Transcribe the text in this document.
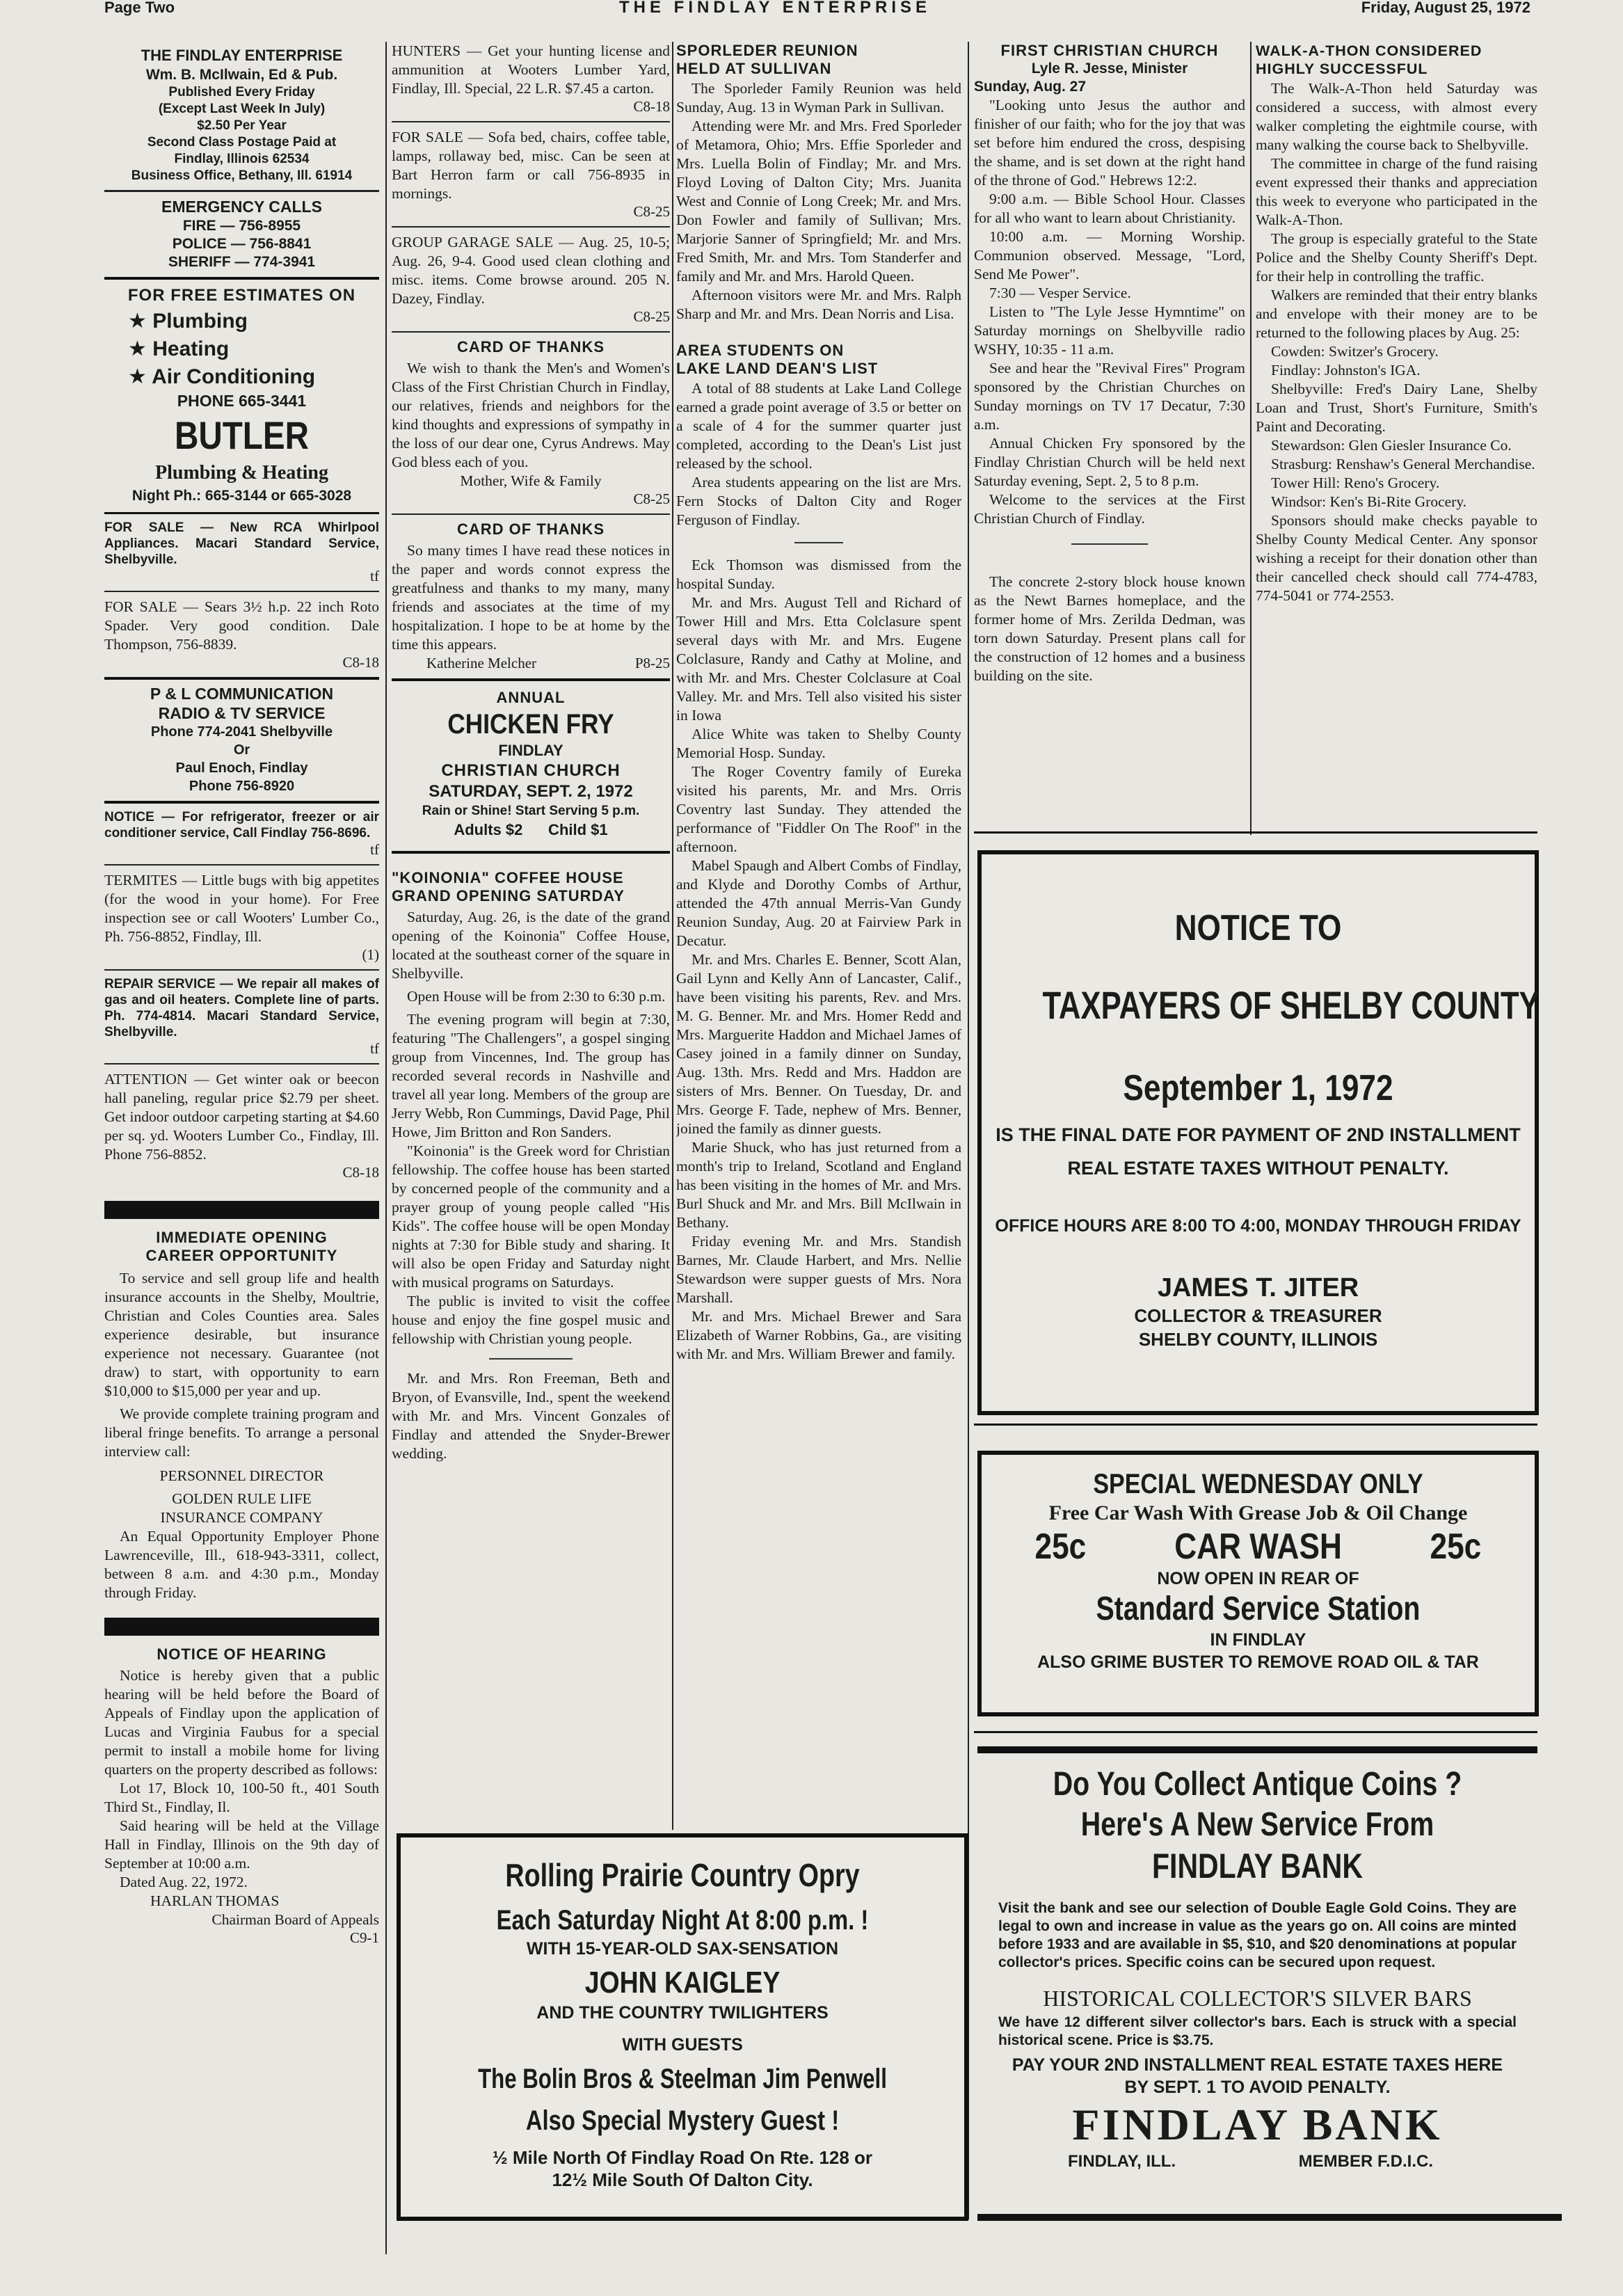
Page Two	THE FINDLAY ENTERPRISE	Friday, August 25, 1972
THE FINDLAY ENTERPRISE
Wm. B. McIlwain, Ed & Pub.
Published Every Friday
(Except Last Week In July)
$2.50 Per Year
Second Class Postage Paid at
Findlay, Illinois 62534
Business Office, Bethany, Ill. 61914
EMERGENCY CALLS
FIRE — 756-8955
POLICE — 756-8841
SHERIFF — 774-3941
FOR FREE ESTIMATES ON
★ Plumbing
★ Heating
★ Air Conditioning
PHONE 665-3441
BUTLER
Plumbing & Heating
Night Ph.: 665-3144 or 665-3028

FOR SALE — New RCA Whirlpool Appliances. Macari Standard Service, Shelbyville.

tf

FOR SALE — Sears 3½ h.p. 22 inch Roto Spader. Very good condition. Dale Thompson, 756-8839.

C8-18
P & L COMMUNICATION
RADIO & TV SERVICE
Phone 774-2041 Shelbyville
Or
Paul Enoch, Findlay
Phone 756-8920

NOTICE — For refrigerator, freezer or air conditioner service, Call Findlay 756-8696.

tf

TERMITES — Little bugs with big appetites (for the wood in your home). For Free inspection see or call Wooters' Lumber Co., Ph. 756-8852, Findlay, Ill.

(1)

REPAIR SERVICE — We repair all makes of gas and oil heaters. Complete line of parts. Ph. 774-4814. Macari Standard Service, Shelbyville.

tf

ATTENTION — Get winter oak or beecon hall paneling, regular price $2.79 per sheet. Get indoor outdoor carpeting starting at $4.60 per sq. yd. Wooters Lumber Co., Findlay, Ill. Phone 756-8852.

C8-18
IMMEDIATE OPENING
CAREER OPPORTUNITY

To service and sell group life and health insurance accounts in the Shelby, Moultrie, Christian and Coles Counties area. Sales experience desirable, but insurance experience not necessary. Guarantee (not draw) to start, with opportunity to earn $10,000 to $15,000 per year and up.

We provide complete training program and liberal fringe benefits. To arrange a personal interview call:

PERSONNEL DIRECTOR

GOLDEN RULE LIFE

INSURANCE COMPANY

An Equal Opportunity Employer Phone Lawrenceville, Ill., 618-943-3311, collect, between 8 a.m. and 4:30 p.m., Monday through Friday.

NOTICE OF HEARING

Notice is hereby given that a public hearing will be held before the Board of Appeals of Findlay upon the application of Lucas and Virginia Faubus for a special permit to install a mobile home for living quarters on the property described as follows:

Lot 17, Block 10, 100-50 ft., 401 South Third St., Findlay, Il.

Said hearing will be held at the Village Hall in Findlay, Illinois on the 9th day of September at 10:00 a.m.

Dated Aug. 22, 1972.

HARLAN THOMAS

Chairman Board of Appeals

C9-1

HUNTERS — Get your hunting license and ammunition at Wooters Lumber Yard, Findlay, Ill. Special, 22 L.R. $7.45 a carton.

C8-18

FOR SALE — Sofa bed, chairs, coffee table, lamps, rollaway bed, misc. Can be seen at Bart Herron farm or call 756-8935 in mornings.

C8-25

GROUP GARAGE SALE — Aug. 25, 10-5; Aug. 26, 9-4. Good used clean clothing and misc. items. Come browse around. 205 N. Dazey, Findlay.

C8-25
CARD OF THANKS

We wish to thank the Men's and Women's Class of the First Christian Church in Findlay, our relatives, friends and neighbors for the kind thoughts and expressions of sympathy in the loss of our dear one, Cyrus Andrews. May God bless each of you.

Mother, Wife & Family

C8-25
CARD OF THANKS

So many times I have read these notices in the paper and words connot express the greatfulness and thanks to my many, many friends and associates at the time of my hospitalization. I hope to be at home by the time this appears.

Katherine Melcher	P8-25
ANNUAL
CHICKEN FRY
FINDLAY
CHRISTIAN CHURCH
SATURDAY, SEPT. 2, 1972
Rain or Shine! Start Serving 5 p.m.
Adults $2      Child $1
"KOINONIA" COFFEE HOUSE
GRAND OPENING SATURDAY

Saturday, Aug. 26, is the date of the grand opening of the Koinonia" Coffee House, located at the southeast corner of the square in Shelbyville.

Open House will be from 2:30 to 6:30 p.m.

The evening program will begin at 7:30, featuring "The Challengers", a gospel singing group from Vincennes, Ind. The group has recorded several records in Nashville and travel all year long. Members of the group are Jerry Webb, Ron Cummings, David Page, Phil Howe, Jim Britton and Ron Sanders.

"Koinonia" is the Greek word for Christian fellowship. The coffee house has been started by concerned people of the community and a prayer group of young people called "His Kids". The coffee house will be open Monday nights at 7:30 for Bible study and sharing. It will also be open Friday and Saturday night with musical programs on Saturdays.

The public is invited to visit the coffee house and enjoy the fine gospel music and fellowship with Christian young people.

Mr. and Mrs. Ron Freeman, Beth and Bryon, of Evansville, Ind., spent the weekend with Mr. and Mrs. Vincent Gonzales of Findlay and attended the Snyder-Brewer wedding.

SPORLEDER REUNION
HELD AT SULLIVAN

The Sporleder Family Reunion was held Sunday, Aug. 13 in Wyman Park in Sullivan.

Attending were Mr. and Mrs. Fred Sporleder of Metamora, Ohio; Mrs. Effie Sporleder and Mrs. Luella Bolin of Findlay; Mr. and Mrs. Floyd Loving of Dalton City; Mrs. Juanita West and Connie of Long Creek; Mr. and Mrs. Don Fowler and family of Sullivan; Mrs. Marjorie Sanner of Springfield; Mr. and Mrs. Fred Smith, Mr. and Mrs. Tom Standerfer and family and Mr. and Mrs. Harold Queen.

Afternoon visitors were Mr. and Mrs. Ralph Sharp and Mr. and Mrs. Dean Norris and Lisa.

AREA STUDENTS ON
LAKE LAND DEAN'S LIST

A total of 88 students at Lake Land College earned a grade point average of 3.5 or better on a scale of 4 for the summer quarter just completed, according to the Dean's List just released by the school.

Area students appearing on the list are Mrs. Fern Stocks of Dalton City and Roger Ferguson of Findlay.

Eck Thomson was dismissed from the hospital Sunday.

Mr. and Mrs. August Tell and Richard of Tower Hill and Mrs. Etta Colclasure spent several days with Mr. and Mrs. Eugene Colclasure, Randy and Cathy at Moline, and with Mr. and Mrs. Chester Colclasure at Coal Valley. Mr. and Mrs. Tell also visited his sister in Iowa

Alice White was taken to Shelby County Memorial Hosp. Sunday.

The Roger Coventry family of Eureka visited his parents, Mr. and Mrs. Orris Coventry last Sunday. They attended the performance of "Fiddler On The Roof" in the afternoon.

Mabel Spaugh and Albert Combs of Findlay, and Klyde and Dorothy Combs of Arthur, attended the 47th annual Merris-Van Gundy Reunion Sunday, Aug. 20 at Fairview Park in Decatur.

Mr. and Mrs. Charles E. Benner, Scott Alan, Gail Lynn and Kelly Ann of Lancaster, Calif., have been visiting his parents, Rev. and Mrs. M. G. Benner. Mr. and Mrs. Homer Redd and Mrs. Marguerite Haddon and Michael James of Casey joined in a family dinner on Sunday, Aug. 13th. Mrs. Redd and Mrs. Haddon are sisters of Mrs. Benner. On Tuesday, Dr. and Mrs. George F. Tade, nephew of Mrs. Benner, joined the family as dinner guests.

Marie Shuck, who has just returned from a month's trip to Ireland, Scotland and England has been visiting in the homes of Mr. and Mrs. Burl Shuck and Mr. and Mrs. Bill McIlwain in Bethany.

Friday evening Mr. and Mrs. Standish Barnes, Mr. Claude Harbert, and Mrs. Nellie Stewardson were supper guests of Mrs. Nora Marshall.

Mr. and Mrs. Michael Brewer and Sara Elizabeth of Warner Robbins, Ga., are visiting with Mr. and Mrs. William Brewer and family.

FIRST CHRISTIAN CHURCH
Lyle R. Jesse, Minister
Sunday, Aug. 27

"Looking unto Jesus the author and finisher of our faith; who for the joy that was set before him endured the cross, despising the shame, and is set down at the right hand of the throne of God." Hebrews 12:2.

9:00 a.m. — Bible School Hour. Classes for all who want to learn about Christianity.

10:00 a.m. — Morning Worship. Communion observed. Message, "Lord, Send Me Power".

7:30 — Vesper Service.

Listen to "The Lyle Jesse Hymntime" on Saturday mornings on Shelbyville radio WSHY, 10:35 - 11 a.m.

See and hear the "Revival Fires" Program sponsored by the Christian Churches on Sunday mornings on TV 17 Decatur, 7:30 a.m.

Annual Chicken Fry sponsored by the Findlay Christian Church will be held next Saturday evening, Sept. 2, 5 to 8 p.m.

Welcome to the services at the First Christian Church of Findlay.

The concrete 2-story block house known as the Newt Barnes homeplace, and the former home of Mrs. Zerilda Dedman, was torn down Saturday. Present plans call for the construction of 12 homes and a business building on the site.

WALK-A-THON CONSIDERED
HIGHLY SUCCESSFUL

The Walk-A-Thon held Saturday was considered a success, with almost every walker completing the eightmile course, with many walking the course back to Shelbyville.

The committee in charge of the fund raising event expressed their thanks and appreciation this week to everyone who participated in the Walk-A-Thon.

The group is especially grateful to the State Police and the Shelby County Sheriff's Dept. for their help in controlling the traffic.

Walkers are reminded that their entry blanks and envelope with their money are to be returned to the following places by Aug. 25:

Cowden: Switzer's Grocery.

Findlay: Johnston's IGA.

Shelbyville: Fred's Dairy Lane, Shelby Loan and Trust, Short's Furniture, Smith's Paint and Decorating.

Stewardson: Glen Giesler Insurance Co.

Strasburg: Renshaw's General Merchandise.

Tower Hill: Reno's Grocery.

Windsor: Ken's Bi-Rite Grocery.

Sponsors should make checks payable to Shelby County Medical Center. Any sponsor wishing a receipt for their donation other than their cancelled check should call 774-4783, 774-5041 or 774-2553.

NOTICE TO
TAXPAYERS OF SHELBY COUNTY
September 1, 1972
IS THE FINAL DATE FOR PAYMENT OF 2ND INSTALLMENT
REAL ESTATE TAXES WITHOUT PENALTY.
OFFICE HOURS ARE 8:00 TO 4:00, MONDAY THROUGH FRIDAY
JAMES T. JITER
COLLECTOR & TREASURER
SHELBY COUNTY, ILLINOIS
SPECIAL WEDNESDAY ONLY
Free Car Wash With Grease Job & Oil Change
25c CAR WASH 25c
NOW OPEN IN REAR OF
Standard Service Station
IN FINDLAY
ALSO GRIME BUSTER TO REMOVE ROAD OIL & TAR
Do You Collect Antique Coins ?
Here's A New Service From
FINDLAY BANK

Visit the bank and see our selection of Double Eagle Gold Coins. They are legal to own and increase in value as the years go on. All coins are minted before 1933 and are available in $5, $10, and $20 denominations at popular collector's prices. Specific coins can be secured upon request.

HISTORICAL COLLECTOR'S SILVER BARS

We have 12 different silver collector's bars. Each is struck with a special historical scene. Price is $3.75.

PAY YOUR 2ND INSTALLMENT REAL ESTATE TAXES HERE
BY SEPT. 1 TO AVOID PENALTY.
FINDLAY BANK
FINDLAY, ILL.	MEMBER F.D.I.C.
Rolling Prairie Country Opry
Each Saturday Night At 8:00 p.m. !
WITH 15-YEAR-OLD SAX-SENSATION
JOHN KAIGLEY
AND THE COUNTRY TWILIGHTERS
WITH GUESTS
The Bolin Bros & Steelman Jim Penwell
Also Special Mystery Guest !
½ Mile North Of Findlay Road On Rte. 128 or
12½ Mile South Of Dalton City.
